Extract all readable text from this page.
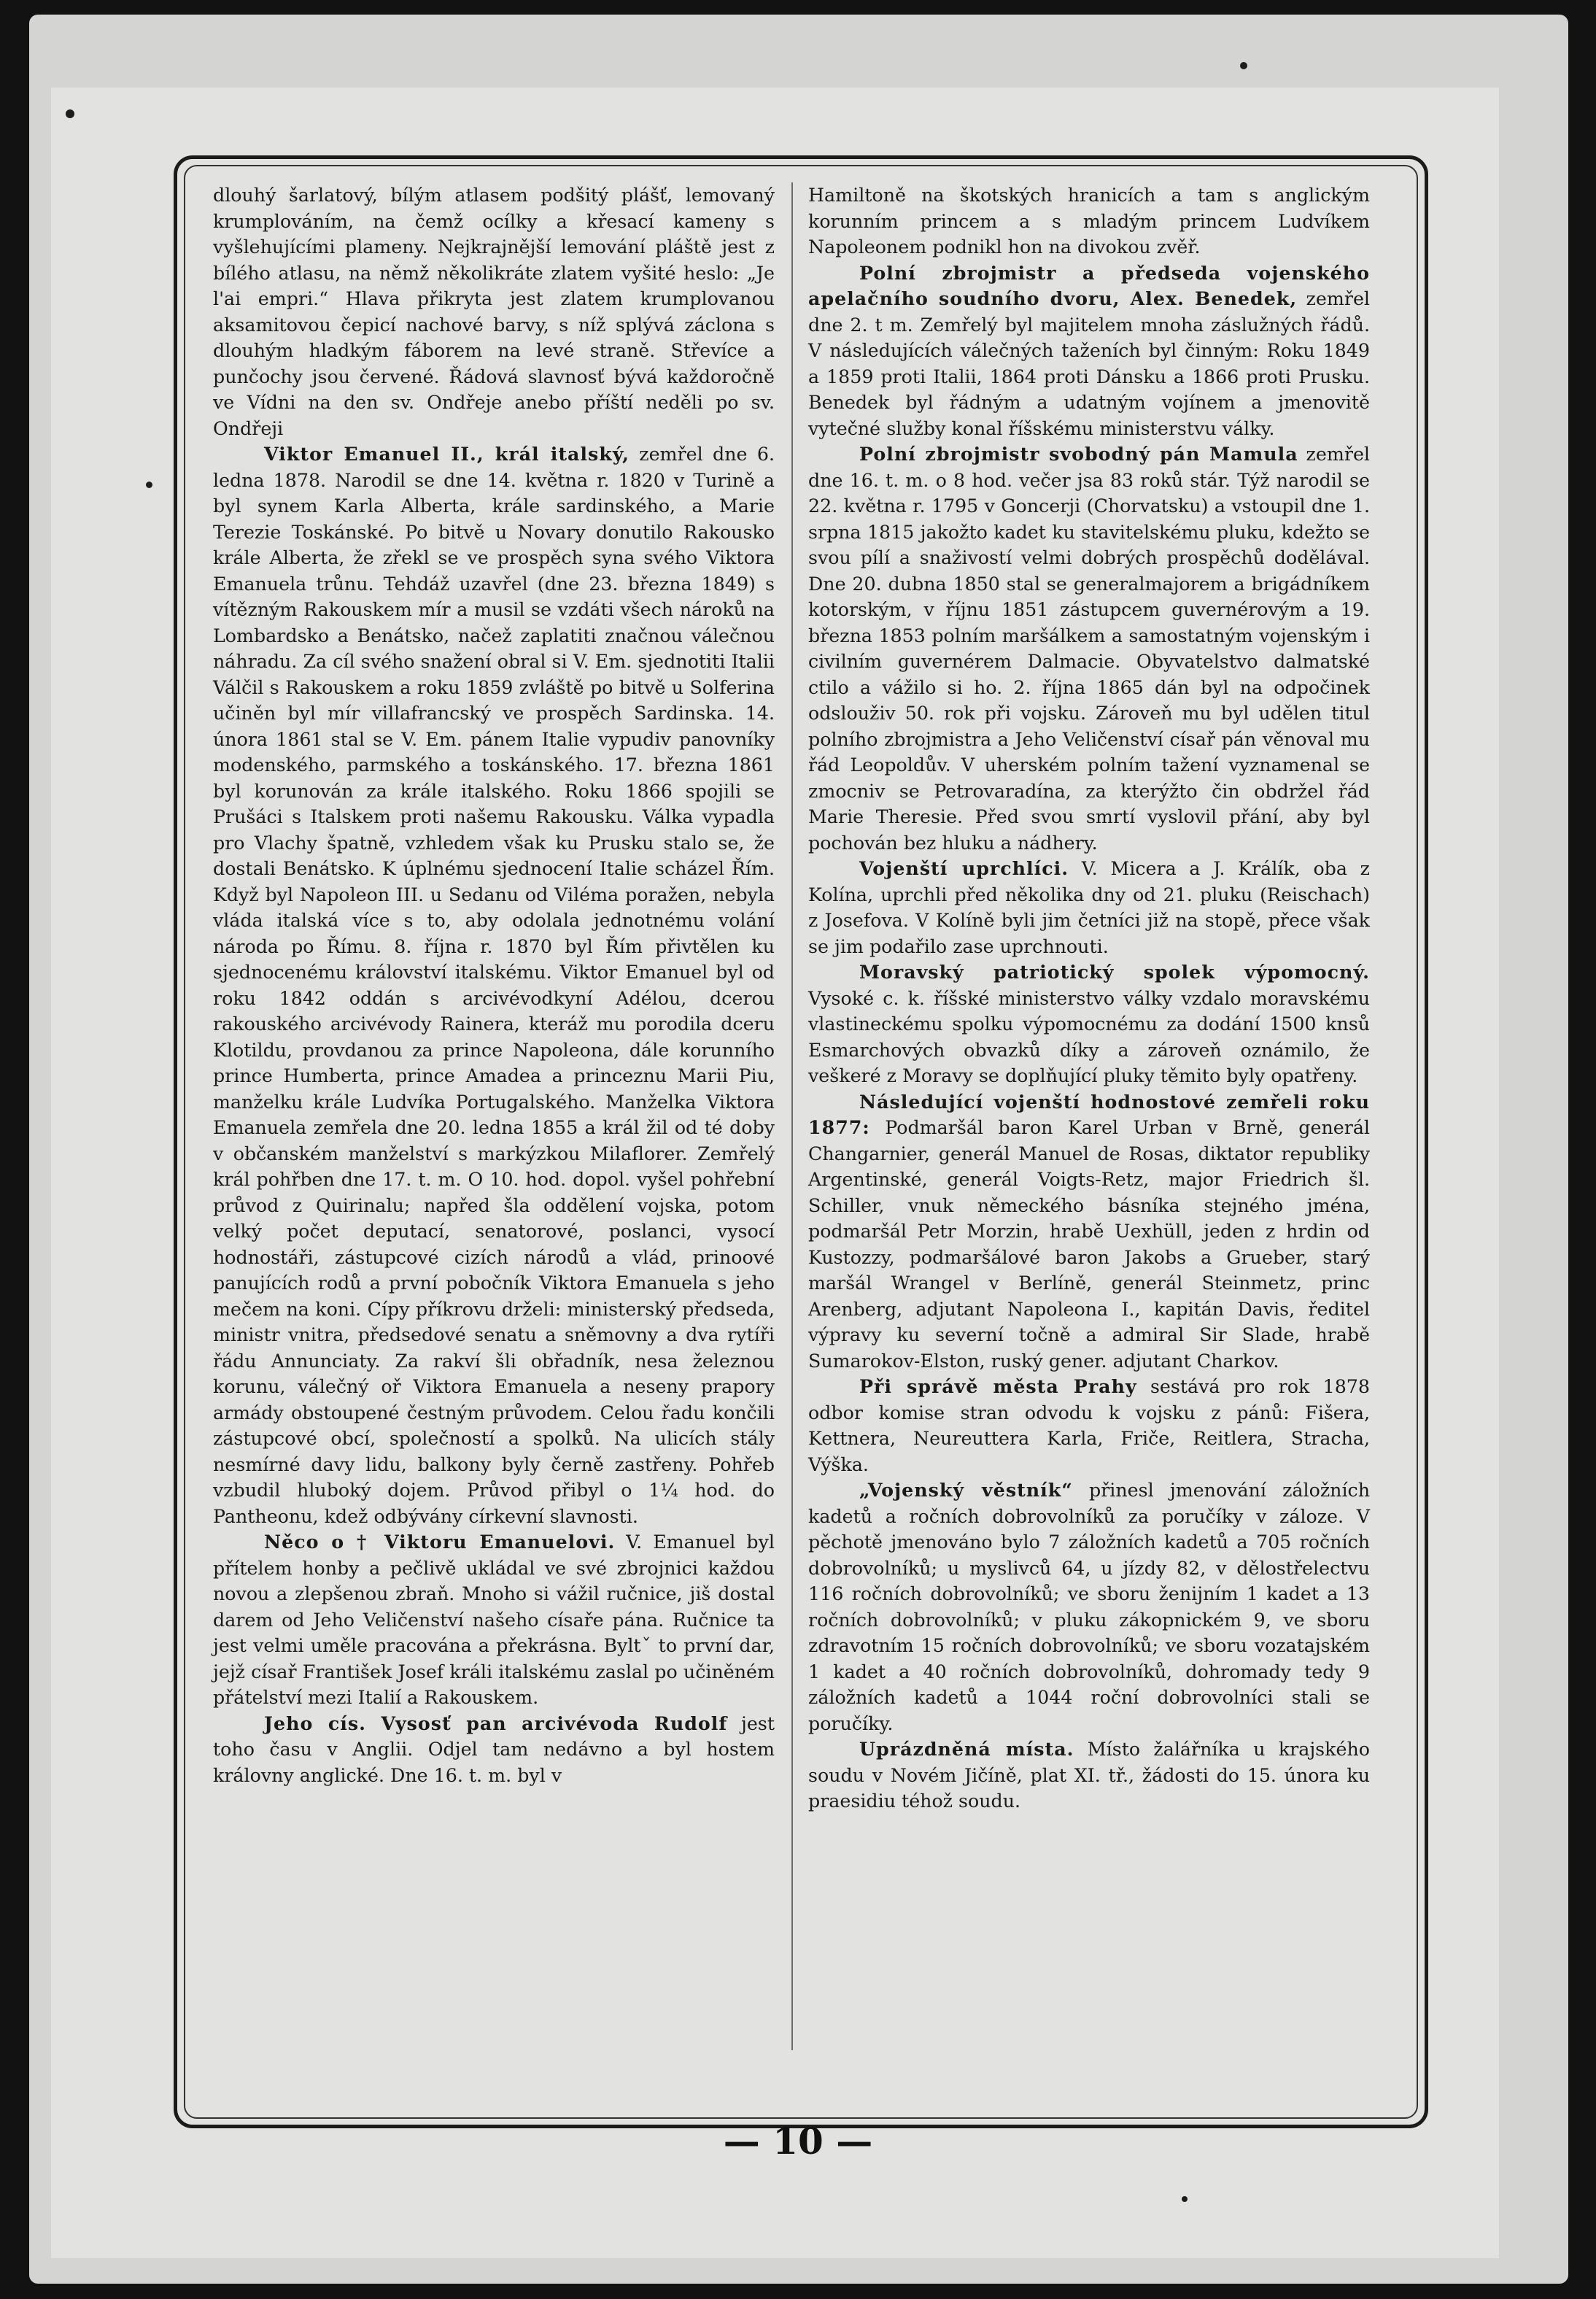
dlouhý šarlatový, bílým atlasem podšitý plášť, lemovaný krumplováním, na čemž ocílky a křesací kameny s vyšlehujícími plameny. Nejkrajnější lemování pláště jest z bílého atlasu, na němž několikráte zlatem vyšité heslo: „Je l'ai empri.“ Hlava přikryta jest zlatem krumplovanou aksamitovou čepicí nachové barvy, s níž splývá záclona s dlouhým hladkým fáborem na levé straně. Střevíce a punčochy jsou červené. Řádová slavnosť bývá každoročně ve Vídni na den sv. Ondřeje anebo příští neděli po sv. Ondřeji

Viktor Emanuel II., král italský, zemřel dne 6. ledna 1878. Narodil se dne 14. května r. 1820 v Turině a byl synem Karla Alberta, krále sardinského, a Marie Terezie Toskánské. Po bitvě u Novary donutilo Rakousko krále Alberta, že zřekl se ve prospěch syna svého Viktora Emanuela trůnu. Tehdáž uzavřel (dne 23. března 1849) s vítězným Rakouskem mír a musil se vzdáti všech nároků na Lombardsko a Benátsko, načež zaplatiti značnou válečnou náhradu. Za cíl svého snažení obral si V. Em. sjednotiti Italii Válčil s Rakouskem a roku 1859 zvláště po bitvě u Solferina učiněn byl mír villafrancský ve prospěch Sardinska. 14. února 1861 stal se V. Em. pánem Italie vypudiv panovníky modenského, parmského a toskánského. 17. března 1861 byl korunován za krále italského. Roku 1866 spojili se Prušáci s Italskem proti našemu Rakousku. Válka vypadla pro Vlachy špatně, vzhledem však ku Prusku stalo se, že dostali Benátsko. K úplnému sjednocení Italie scházel Řím. Když byl Napoleon III. u Sedanu od Viléma poražen, nebyla vláda italská více s to, aby odolala jednotnému volání národa po Římu. 8. října r. 1870 byl Řím přivtělen ku sjednocenému království italskému. Viktor Emanuel byl od roku 1842 oddán s arcivévodkyní Adélou, dcerou rakouského arcivévody Rainera, kteráž mu porodila dceru Klotildu, provdanou za prince Napoleona, dále korunního prince Humberta, prince Amadea a princeznu Marii Piu, manželku krále Ludvíka Portugalského. Manželka Viktora Emanuela zemřela dne 20. ledna 1855 a král žil od té doby v občanském manželství s markýzkou Milaflorer. Zemřelý král pohřben dne 17. t. m. O 10. hod. dopol. vyšel pohřební průvod z Quirinalu; napřed šla oddělení vojska, potom velký počet deputací, senatorové, poslanci, vysocí hodnostáři, zástupcové cizích národů a vlád, prinoové panujících rodů a první pobočník Viktora Emanuela s jeho mečem na koni. Cípy příkrovu drželi: ministerský předseda, ministr vnitra, předsedové senatu a sněmovny a dva rytíři řádu Annunciaty. Za rakví šli obřadník, nesa železnou korunu, válečný oř Viktora Emanuela a neseny prapory armády obstoupené čestným průvodem. Celou řadu končili zástupcové obcí, společností a spolků. Na ulicích stály nesmírné davy lidu, balkony byly černě zastřeny. Pohřeb vzbudil hluboký dojem. Průvod přibyl o 1¼ hod. do Pantheonu, kdež odbývány církevní slavnosti.

Něco o † Viktoru Emanuelovi. V. Emanuel byl přítelem honby a pečlivě ukládal ve své zbrojnici každou novou a zlepšenou zbraň. Mnoho si vážil ručnice, jiš dostal darem od Jeho Veličenství našeho císaře pána. Ručnice ta jest velmi uměle pracována a překrásna. Byltˇ to první dar, jejž císař František Josef králi italskému zaslal po učiněném přátelství mezi Italií a Rakouskem.

Jeho cís. Vysosť pan arcivévoda Rudolf jest toho času v Anglii. Odjel tam nedávno a byl hostem královny anglické. Dne 16. t. m. byl v

Hamiltoně na škotských hranicích a tam s anglickým korunním princem a s mladým princem Ludvíkem Napoleonem podnikl hon na divokou zvěř.

Polní zbrojmistr a předseda vojenského apelačního soudního dvoru, Alex. Benedek, zemřel dne 2. t m. Zemřelý byl majitelem mnoha záslužných řádů. V následujících válečných taženích byl činným: Roku 1849 a 1859 proti Italii, 1864 proti Dánsku a 1866 proti Prusku. Benedek byl řádným a udatným vojínem a jmenovitě vytečné služby konal říšskému ministerstvu války.

Polní zbrojmistr svobodný pán Mamula zemřel dne 16. t. m. o 8 hod. večer jsa 83 roků stár. Týž narodil se 22. května r. 1795 v Goncerji (Chorvatsku) a vstoupil dne 1. srpna 1815 jakožto kadet ku stavitelskému pluku, kdežto se svou pílí a snaživostí velmi dobrých prospěchů dodělával. Dne 20. dubna 1850 stal se generalmajorem a brigádníkem kotorským, v říjnu 1851 zástupcem guvernérovým a 19. března 1853 polním maršálkem a samostatným vojenským i civilním guvernérem Dalmacie. Obyvatelstvo dalmatské ctilo a vážilo si ho. 2. října 1865 dán byl na odpočinek odslouživ 50. rok při vojsku. Zároveň mu byl udělen titul polního zbrojmistra a Jeho Veličenství císař pán věnoval mu řád Leopoldův. V uherském polním tažení vyznamenal se zmocniv se Petrovaradína, za kterýžto čin obdržel řád Marie Theresie. Před svou smrtí vyslovil přání, aby byl pochován bez hluku a nádhery.

Vojenští uprchlíci. V. Micera a J. Králík, oba z Kolína, uprchli před několika dny od 21. pluku (Reischach) z Josefova. V Kolíně byli jim četníci již na stopě, přece však se jim podařilo zase uprchnouti.

Moravský patriotický spolek výpomocný. Vysoké c. k. říšské ministerstvo války vzdalo moravskému vlastineckému spolku výpomocnému za dodání 1500 knsů Esmarchových obvazků díky a zároveň oznámilo, že veškeré z Moravy se doplňující pluky těmito byly opatřeny.

Následující vojenští hodnostové zemřeli roku 1877: Podmaršál baron Karel Urban v Brně, generál Changarnier, generál Manuel de Rosas, diktator republiky Argentinské, generál Voigts-Retz, major Friedrich šl. Schiller, vnuk německého básníka stejného jména, podmaršál Petr Morzin, hrabě Uexhüll, jeden z hrdin od Kustozzy, podmaršálové baron Jakobs a Grueber, starý maršál Wrangel v Berlíně, generál Steinmetz, princ Arenberg, adjutant Napoleona I., kapitán Davis, ředitel výpravy ku severní točně a admiral Sir Slade, hrabě Sumarokov-Elston, ruský gener. adjutant Charkov.

Při správě města Prahy sestává pro rok 1878 odbor komise stran odvodu k vojsku z pánů: Fišera, Kettnera, Neureuttera Karla, Friče, Reitlera, Stracha, Výška.

„Vojenský věstník“ přinesl jmenování záložních kadetů a ročních dobrovolníků za poručíky v záloze. V pěchotě jmenováno bylo 7 záložních kadetů a 705 ročních dobrovolníků; u myslivců 64, u jízdy 82, v dělostřelectvu 116 ročních dobrovolníků; ve sboru ženijním 1 kadet a 13 ročních dobrovolníků; v pluku zákopnickém 9, ve sboru zdravotním 15 ročních dobrovolníků; ve sboru vozatajském 1 kadet a 40 ročních dobrovolníků, dohromady tedy 9 záložních kadetů a 1044 roční dobrovolníci stali se poručíky.

Uprázdněná místa. Místo žalářníka u krajského soudu v Novém Jičíně, plat XI. tř., žádosti do 15. února ku praesidiu téhož soudu.

— 10 —
